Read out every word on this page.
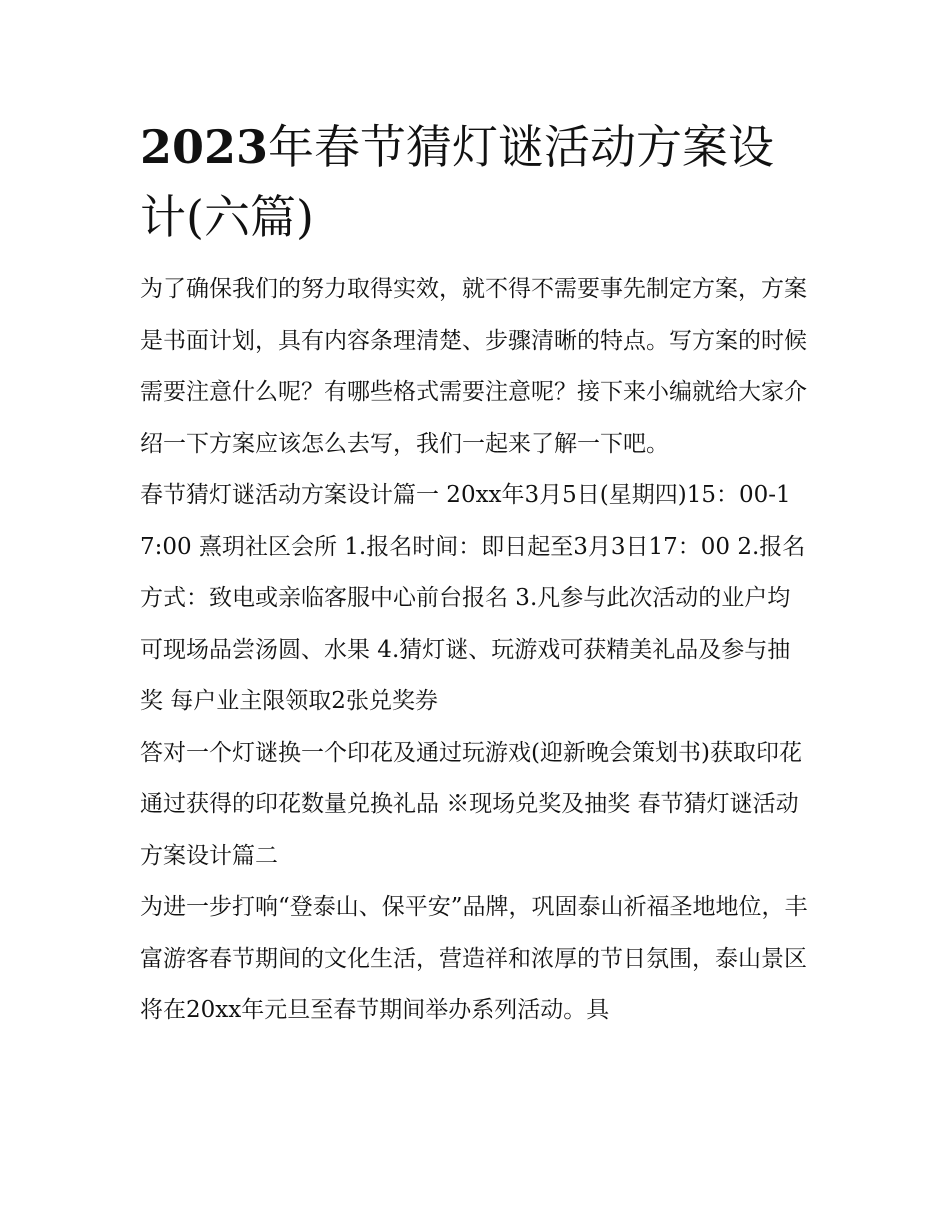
2023年春节猜灯谜活动方案设计(六篇)

为了确保我们的努力取得实效，就不得不需要事先制定方案，方案是书面计划，具有内容条理清楚、步骤清晰的特点。写方案的时候需要注意什么呢？有哪些格式需要注意呢？接下来小编就给大家介绍一下方案应该怎么去写，我们一起来了解一下吧。

春节猜灯谜活动方案设计篇一 20xx年3月5日(星期四)15：00-17:00 熹玥社区会所 1.报名时间：即日起至3月3日17：00 2.报名方式：致电或亲临客服中心前台报名 3.凡参与此次活动的业户均可现场品尝汤圆、水果 4.猜灯谜、玩游戏可获精美礼品及参与抽奖 每户业主限领取2张兑奖券

答对一个灯谜换一个印花及通过玩游戏(迎新晚会策划书)获取印花 通过获得的印花数量兑换礼品 ※现场兑奖及抽奖 春节猜灯谜活动方案设计篇二

为进一步打响“登泰山、保平安”品牌，巩固泰山祈福圣地地位，丰富游客春节期间的文化生活，营造祥和浓厚的节日氛围，泰山景区将在20xx年元旦至春节期间举办系列活动。具
